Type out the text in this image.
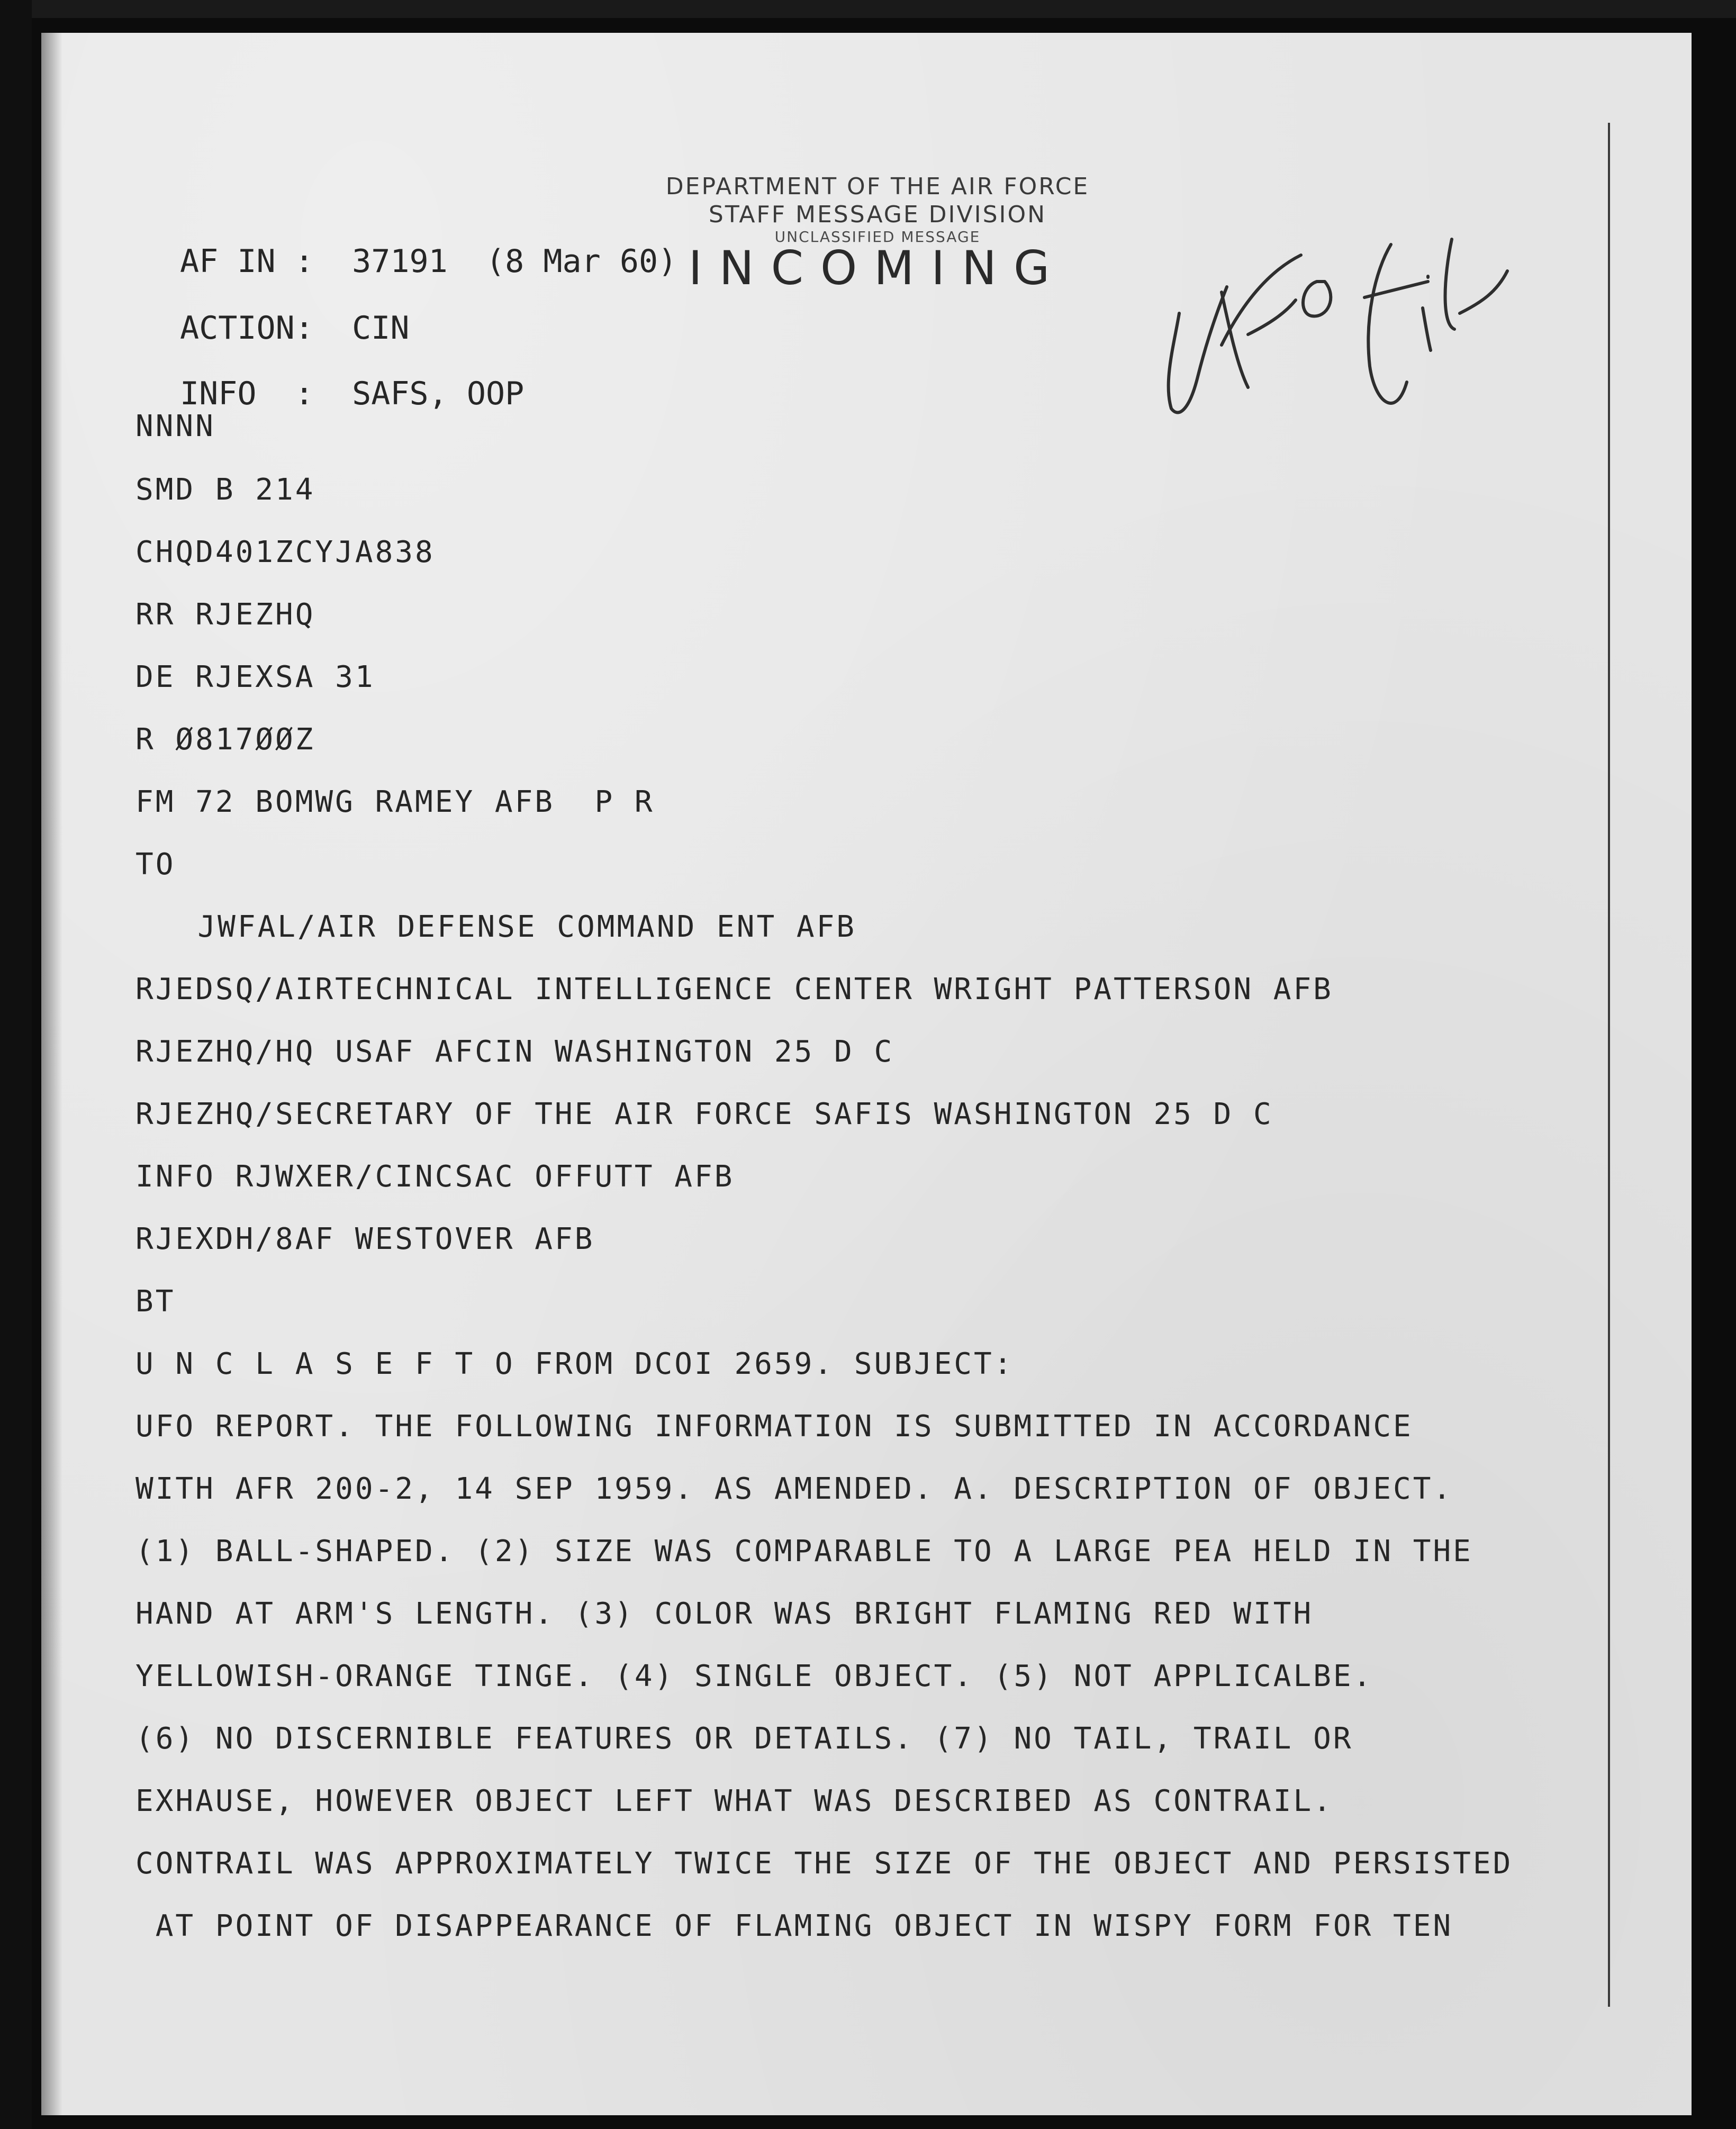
DEPARTMENT OF THE AIR FORCE
STAFF MESSAGE DIVISION
UNCLASSIFIED MESSAGE
INCOMING
AF IN :  37191  (8 Mar 60)
ACTION:  CIN
INFO  :  SAFS, OOP
NNNN
SMD B 214
CHQD401ZCYJA838
RR RJEZHQ
DE RJEXSA 31
R Ø817ØØZ
FM 72 BOMWG RAMEY AFB  P R
TO
JWFAL/AIR DEFENSE COMMAND ENT AFB
RJEDSQ/AIRTECHNICAL INTELLIGENCE CENTER WRIGHT PATTERSON AFB
RJEZHQ/HQ USAF AFCIN WASHINGTON 25 D C
RJEZHQ/SECRETARY OF THE AIR FORCE SAFIS WASHINGTON 25 D C
INFO RJWXER/CINCSAC OFFUTT AFB
RJEXDH/8AF WESTOVER AFB
BT
U N C L A S E F T O FROM DCOI 2659. SUBJECT:
UFO REPORT. THE FOLLOWING INFORMATION IS SUBMITTED IN ACCORDANCE
WITH AFR 200-2, 14 SEP 1959. AS AMENDED. A. DESCRIPTION OF OBJECT.
(1) BALL-SHAPED. (2) SIZE WAS COMPARABLE TO A LARGE PEA HELD IN THE
HAND AT ARM'S LENGTH. (3) COLOR WAS BRIGHT FLAMING RED WITH
YELLOWISH-ORANGE TINGE. (4) SINGLE OBJECT. (5) NOT APPLICALBE.
(6) NO DISCERNIBLE FEATURES OR DETAILS. (7) NO TAIL, TRAIL OR
EXHAUSE, HOWEVER OBJECT LEFT WHAT WAS DESCRIBED AS CONTRAIL.
CONTRAIL WAS APPROXIMATELY TWICE THE SIZE OF THE OBJECT AND PERSISTED
AT POINT OF DISAPPEARANCE OF FLAMING OBJECT IN WISPY FORM FOR TEN
